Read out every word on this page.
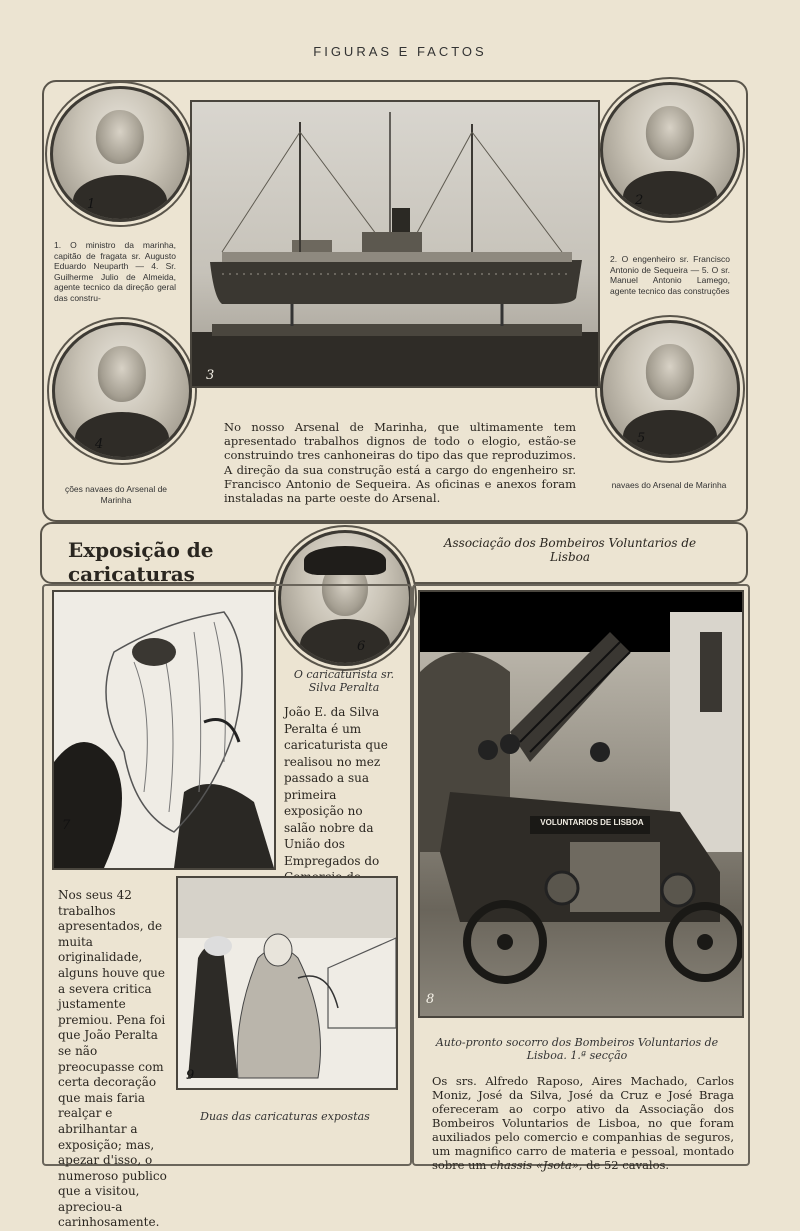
FIGURAS E FACTOS
1
4
2
5
3
1. O ministro da marinha, capitão de fragata sr. Augusto Eduardo Neuparth — 4. Sr. Guilherme Julio de Almeida, agente tecnico da direção geral das constru-
ções navaes do Arsenal de Marinha
2. O engenheiro sr. Francisco Antonio de Sequeira — 5. O sr. Manuel Antonio Lamego, agente tecnico das construções
navaes do Arsenal de Marinha
No nosso Arsenal de Marinha, que ultimamente tem apresentado trabalhos dignos de todo o elogio, estão-se construindo tres canhoneiras do tipo das que reproduzimos. A direção da sua construção está a cargo do engenheiro sr. Francisco Antonio de Sequeira. As oficinas e anexos foram instaladas na parte oeste do Arsenal.
Exposição de caricaturas
Associação dos Bombeiros Voluntarios de Lisboa
6
O caricaturista sr. Silva Peralta
7
João E. da Silva Peralta é um caricaturista que realisou no mez passado a sua primeira exposição no salão nobre da União dos Empregados do
9
Duas das caricaturas expostas
Nos seus 42 trabalhos apresentados, de muita originalidade, alguns houve que a severa critica justamente premiou. Pena foi que João Peralta se não preocupasse com certa decoração que mais faria realçar e abrilhantar a exposição; mas, apezar d'isso, o numeroso publico que a visitou, apreciou-a carinhosamente.
VOLUNTARIOS DE LISBOA
8
Auto-pronto socorro dos Bombeiros Voluntarios de Lisboa. 1.ª secção
Os srs. Alfredo Raposo, Aires Machado, Carlos Moniz, José da Silva, José da Cruz e José Braga ofereceram ao corpo ativo da Associação dos Bombeiros Voluntarios de Lisboa, no que foram auxiliados pelo comercio e companhias de seguros, um magnifico carro de materia e pessoal, montado sobre um chassis «Jsota», de 52 cavalos.
